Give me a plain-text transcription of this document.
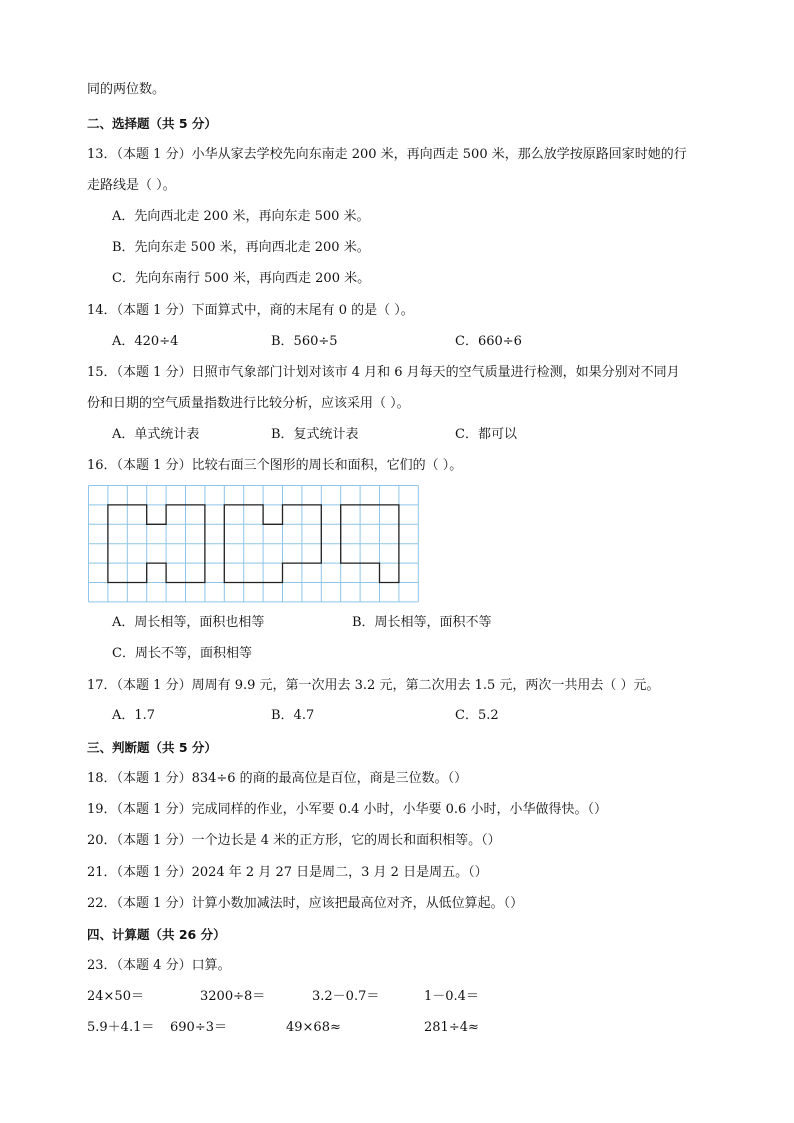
同的两位数。
二、选择题（共 5 分）
13．（本题 1 分）小华从家去学校先向东南走 200 米，再向西走 500 米，那么放学按原路回家时她的行
走路线是（ ）。
A．先向西北走 200 米，再向东走 500 米。
B．先向东走 500 米，再向西北走 200 米。
C．先向东南行 500 米，再向西走 200 米。
14．（本题 1 分）下面算式中，商的末尾有 0 的是（ ）。
A．420÷4	B．560÷5	C．660÷6
15．（本题 1 分）日照市气象部门计划对该市 4 月和 6 月每天的空气质量进行检测，如果分别对不同月
份和日期的空气质量指数进行比较分析，应该采用（ ）。
A．单式统计表	B．复式统计表	C．都可以
16．（本题 1 分）比较右面三个图形的周长和面积，它们的（ ）。
A．周长相等，面积也相等	B．周长相等，面积不等
C．周长不等，面积相等
17．（本题 1 分）周周有 9.9 元，第一次用去 3.2 元，第二次用去 1.5 元，两次一共用去（ ）元。
A．1.7	B．4.7	C．5.2
三、判断题（共 5 分）
18．（本题 1 分）834÷6 的商的最高位是百位，商是三位数。（）
19．（本题 1 分）完成同样的作业，小军要 0.4 小时，小华要 0.6 小时，小华做得快。（）
20．（本题 1 分）一个边长是 4 米的正方形，它的周长和面积相等。（）
21．（本题 1 分）2024 年 2 月 27 日是周二，3 月 2 日是周五。（）
22．（本题 1 分）计算小数加减法时，应该把最高位对齐，从低位算起。（）
四、计算题（共 26 分）
23．（本题 4 分）口算。
24×50＝	3200÷8＝	3.2－0.7＝	1－0.4＝
5.9＋4.1＝ 690÷3＝	49×68≈	281÷4≈
